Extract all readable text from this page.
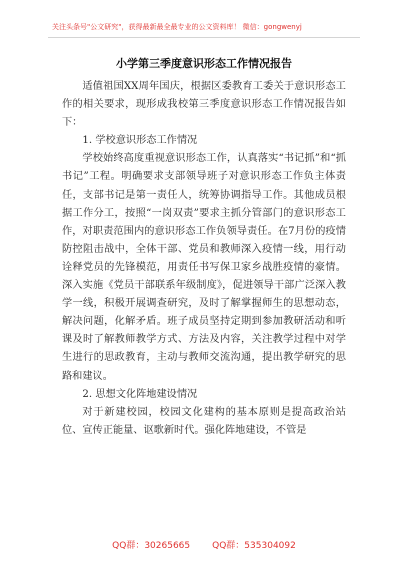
关注头条号"公文研究"，获得最新最全最专业的公文资料库！ 微信：gongwenyj
小学第三季度意识形态工作情况报告

适值祖国XX周年国庆，根据区委教育工委关于意识形态工作的相关要求，现形成我校第三季度意识形态工作情况报告如下：

1. 学校意识形态工作情况

学校始终高度重视意识形态工作，认真落实“书记抓”和“抓书记”工程。明确要求支部领导班子对意识形态工作负主体责任，支部书记是第一责任人，统筹协调指导工作。其他成员根据工作分工，按照“一岗双责”要求主抓分管部门的意识形态工作，对职责范围内的意识形态工作负领导责任。在7月份的疫情防控阻击战中，全体干部、党员和教师深入疫情一线，用行动诠释党员的先锋模范，用责任书写保卫家乡战胜疫情的豪情。深入实施《党员干部联系年级制度》，促进领导干部广泛深入教学一线，积极开展调查研究，及时了解掌握师生的思想动态，解决问题，化解矛盾。班子成员坚持定期到参加教研活动和听课及时了解教师教学方式、方法及内容，关注教学过程中对学生进行的思政教育，主动与教师交流沟通，提出教学研究的思路和建议。

2. 思想文化阵地建设情况

对于新建校园，校园文化建构的基本原则是提高政治站位、宣传正能量、讴歌新时代。强化阵地建设，不管是

QQ群：30265665 QQ群：535304092
